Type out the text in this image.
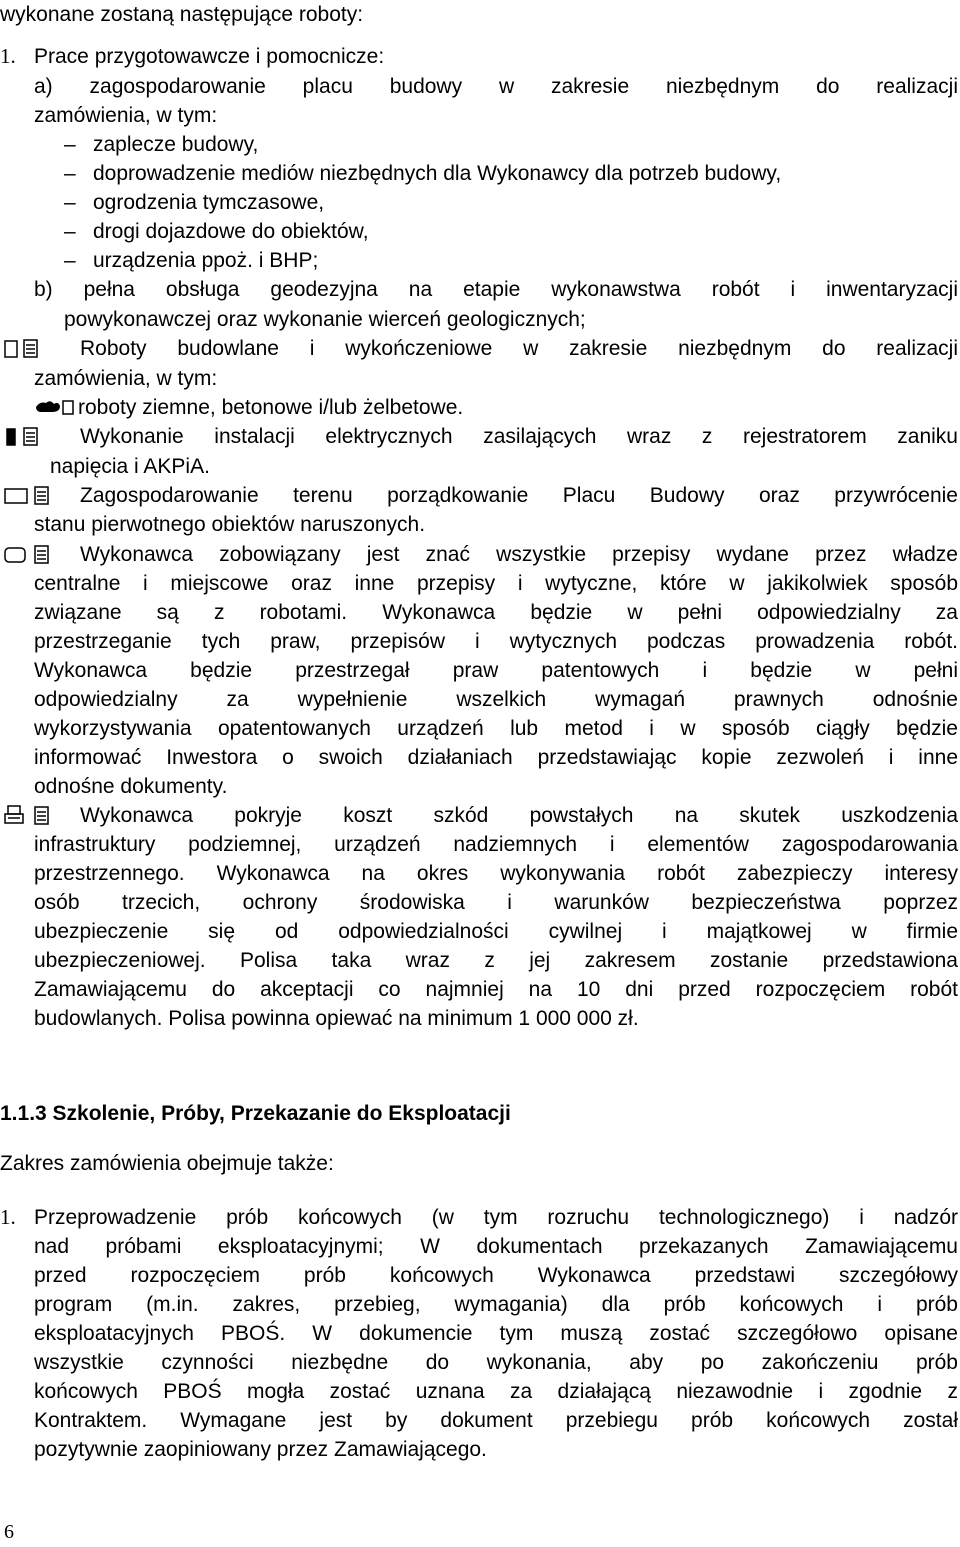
wykonane zostaną następujące roboty:
1. Prace przygotowawcze i pomocnicze:
a) zagospodarowanie placu budowy w zakresie niezbędnym do realizacji
zamówienia, w tym:
– zaplecze budowy,
– doprowadzenie mediów niezbędnych dla Wykonawcy dla potrzeb budowy,
– ogrodzenia tymczasowe,
– drogi dojazdowe do obiektów,
– urządzenia ppoż. i BHP;
b) pełna obsługa geodezyjna na etapie wykonawstwa robót i inwentaryzacji
powykonawczej oraz wykonanie wierceń geologicznych;
Roboty budowlane i wykończeniowe w zakresie niezbędnym do realizacji
zamówienia, w tym:
roboty ziemne, betonowe i/lub żelbetowe.
Wykonanie instalacji elektrycznych zasilających wraz z rejestratorem zaniku
napięcia i AKPiA.
Zagospodarowanie terenu porządkowanie Placu Budowy oraz przywrócenie
stanu pierwotnego obiektów naruszonych.
Wykonawca zobowiązany jest znać wszystkie przepisy wydane przez władze
centralne i miejscowe oraz inne przepisy i wytyczne, które w jakikolwiek sposób
związane są z robotami. Wykonawca będzie w pełni odpowiedzialny za
przestrzeganie tych praw, przepisów i wytycznych podczas prowadzenia robót.
Wykonawca będzie przestrzegał praw patentowych i będzie w pełni
odpowiedzialny za wypełnienie wszelkich wymagań prawnych odnośnie
wykorzystywania opatentowanych urządzeń lub metod i w sposób ciągły będzie
informować Inwestora o swoich działaniach przedstawiając kopie zezwoleń i inne
odnośne dokumenty.
Wykonawca pokryje koszt szkód powstałych na skutek uszkodzenia
infrastruktury podziemnej, urządzeń nadziemnych i elementów zagospodarowania
przestrzennego. Wykonawca na okres wykonywania robót zabezpieczy interesy
osób trzecich, ochrony środowiska i warunków bezpieczeństwa poprzez
ubezpieczenie się od odpowiedzialności cywilnej i majątkowej w firmie
ubezpieczeniowej. Polisa taka wraz z jej zakresem zostanie przedstawiona
Zamawiającemu do akceptacji co najmniej na 10 dni przed rozpoczęciem robót
budowlanych. Polisa powinna opiewać na minimum 1 000 000 zł.
1.1.3 Szkolenie, Próby, Przekazanie do Eksploatacji
Zakres zamówienia obejmuje także:
1. Przeprowadzenie prób końcowych (w tym rozruchu technologicznego) i nadzór
nad próbami eksploatacyjnymi; W dokumentach przekazanych Zamawiającemu
przed rozpoczęciem prób końcowych Wykonawca przedstawi szczegółowy
program (m.in. zakres, przebieg, wymagania) dla prób końcowych i prób
eksploatacyjnych PBOŚ. W dokumencie tym muszą zostać szczegółowo opisane
wszystkie czynności niezbędne do wykonania, aby po zakończeniu prób
końcowych PBOŚ mogła zostać uznana za działającą niezawodnie i zgodnie z
Kontraktem. Wymagane jest by dokument przebiegu prób końcowych został
pozytywnie zaopiniowany przez Zamawiającego.
6
